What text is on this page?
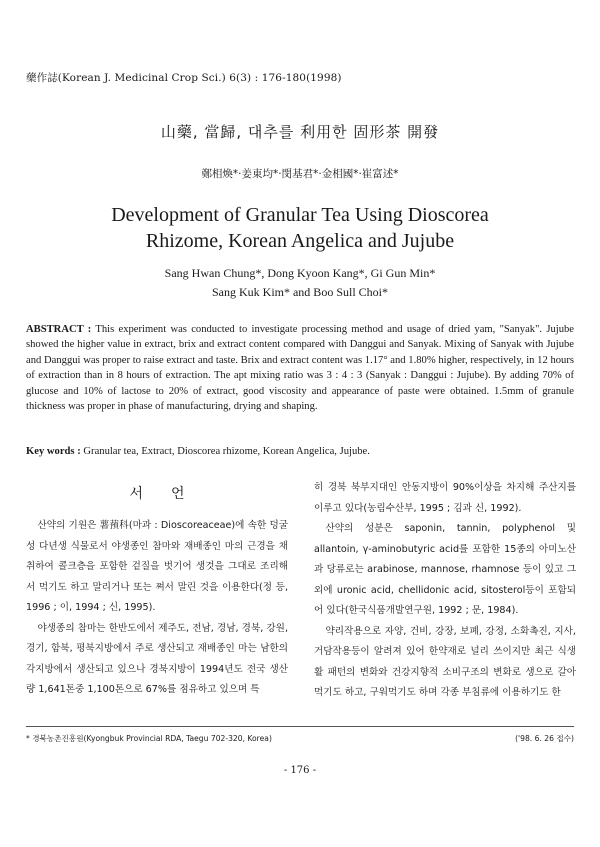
藥作誌(Korean J. Medicinal Crop Sci.) 6(3) : 176-180(1998)
山藥, 當歸, 대추를 利用한 固形茶 開發
鄭相煥*·姜東均*·閔基君*·金相國*·崔富述*
Development of Granular Tea Using Dioscorea
Rhizome, Korean Angelica and Jujube
Sang Hwan Chung*, Dong Kyoon Kang*, Gi Gun Min*
Sang Kuk Kim* and Boo Sull Choi*
ABSTRACT : This experiment was conducted to investigate processing method and usage of dried yam, "Sanyak". Jujube showed the higher value in extract, brix and extract content compared with Danggui and Sanyak. Mixing of Sanyak with Jujube and Danggui was proper to raise extract and taste. Brix and extract content was 1.17° and 1.80% higher, respectively, in 12 hours of extraction than in 8 hours of extraction. The apt mixing ratio was 3 : 4 : 3 (Sanyak : Danggui : Jujube). By adding 70% of glucose and 10% of lactose to 20% of extract, good viscosity and appearance of paste were obtained. 1.5mm of granule thickness was proper in phase of manufacturing, drying and shaping.
Key words : Granular tea, Extract, Dioscorea rhizome, Korean Angelica, Jujube.
서언

산약의 기원은 薯蕷科(마과 : Dioscoreaceae)에 속한 덩굴성 다년생 식물로서 야생종인 참마와 재배종인 마의 근경을 채취하여 콜크층을 포함한 겉질을 벗기어 생것을 그대로 조리해서 먹기도 하고 말리거나 또는 쪄서 말린 것을 이용한다(정 등, 1996 ; 이, 1994 ; 신, 1995).

야생종의 참마는 한반도에서 제주도, 전남, 경남, 경북, 강원, 경기, 함북, 평북지방에서 주로 생산되고 재배종인 마는 남한의 각지방에서 생산되고 있으나 경북지방이 1994년도 전국 생산량 1,641톤중 1,100톤으로 67%를 점유하고 있으며 특

히 경북 북부지대인 안동지방이 90%이상을 차지해 주산지를 이루고 있다(농림수산부, 1995 ; 김과 신, 1992).

산약의 성분은 saponin, tannin, polyphenol 및 allantoin, γ-aminobutyric acid를 포함한 15종의 아미노산과 당류로는 arabinose, mannose, rhamnose 등이 있고 그외에 uronic acid, chellidonic acid, sitosterol등이 포함되어 있다(한국식품개발연구원, 1992 ; 문, 1984).

약리작용으로 자양, 건비, 강장, 보폐, 강정, 소화촉진, 지사, 거담작용등이 알려져 있어 한약재로 널리 쓰이지만 최근 식생활 패턴의 변화와 건강지향적 소비구조의 변화로 생으로 갈아먹기도 하고, 구워먹기도 하며 각종 부침류에 이용하기도 한

* 경북농촌진흥원(Kyongbuk Provincial RDA, Taegu 702-320, Korea)	('98. 6. 26 접수)
- 176 -
